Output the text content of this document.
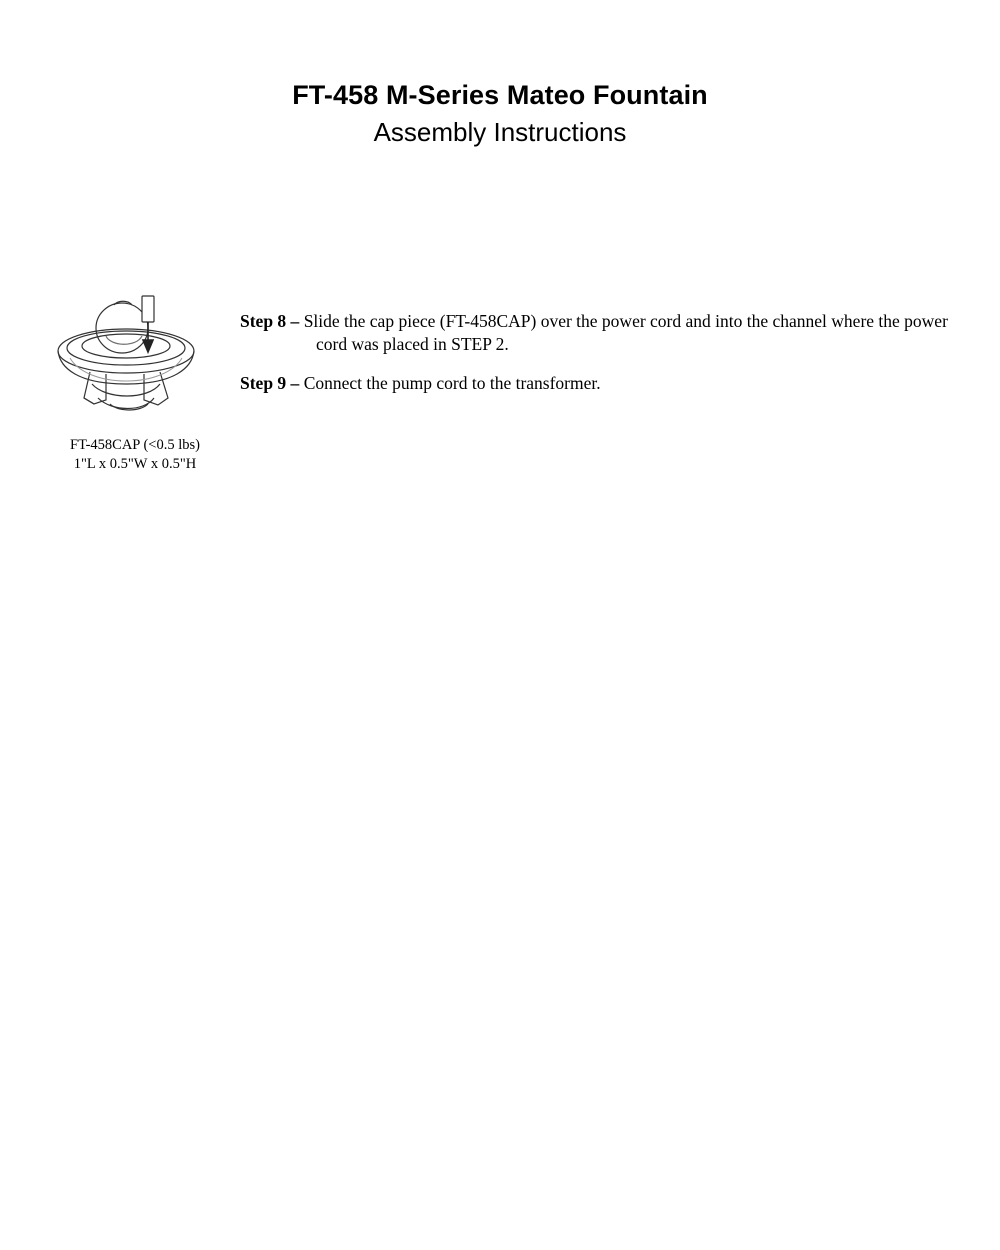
FT-458 M-Series Mateo Fountain
Assembly Instructions
FT-458CAP (<0.5 lbs)
1"L x 0.5"W x 0.5"H
Step 8 – Slide the cap piece (FT-458CAP) over the power cord and into the channel where the power cord was placed in STEP 2.
Step 9 – Connect the pump cord to the transformer.
